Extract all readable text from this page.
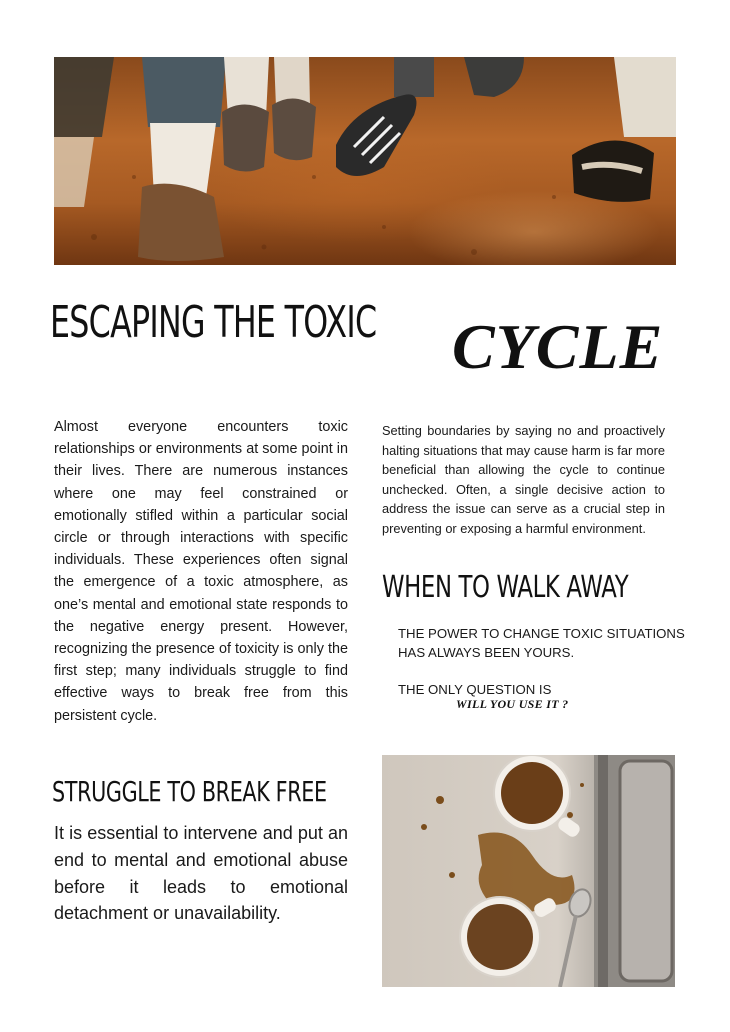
ESCAPING THE TOXIC	CYCLE
Almost everyone encounters toxic relationships or environments at some point in their lives. There are numerous instances where one may feel constrained or emotionally stifled within a particular social circle or through interactions with specific individuals. These experiences often signal the emergence of a toxic atmosphere, as one’s mental and emotional state responds to the negative energy present. However, recognizing the presence of toxicity is only the first step; many individuals struggle to find effective ways to break free from this persistent cycle.
Setting boundaries by saying no and proactively halting situations that may cause harm is far more beneficial than allowing the cycle to continue unchecked. Often, a single decisive action to address the issue can serve as a crucial step in preventing or exposing a harmful environment.
WHEN TO WALK AWAY
THE POWER TO CHANGE TOXIC SITUATIONS
HAS ALWAYS BEEN YOURS.
THE ONLY QUESTION IS
WILL YOU USE IT ?
STRUGGLE TO BREAK FREE
It is essential to intervene and put an end to mental and emotional abuse before it leads to emotional detachment or unavailability.
